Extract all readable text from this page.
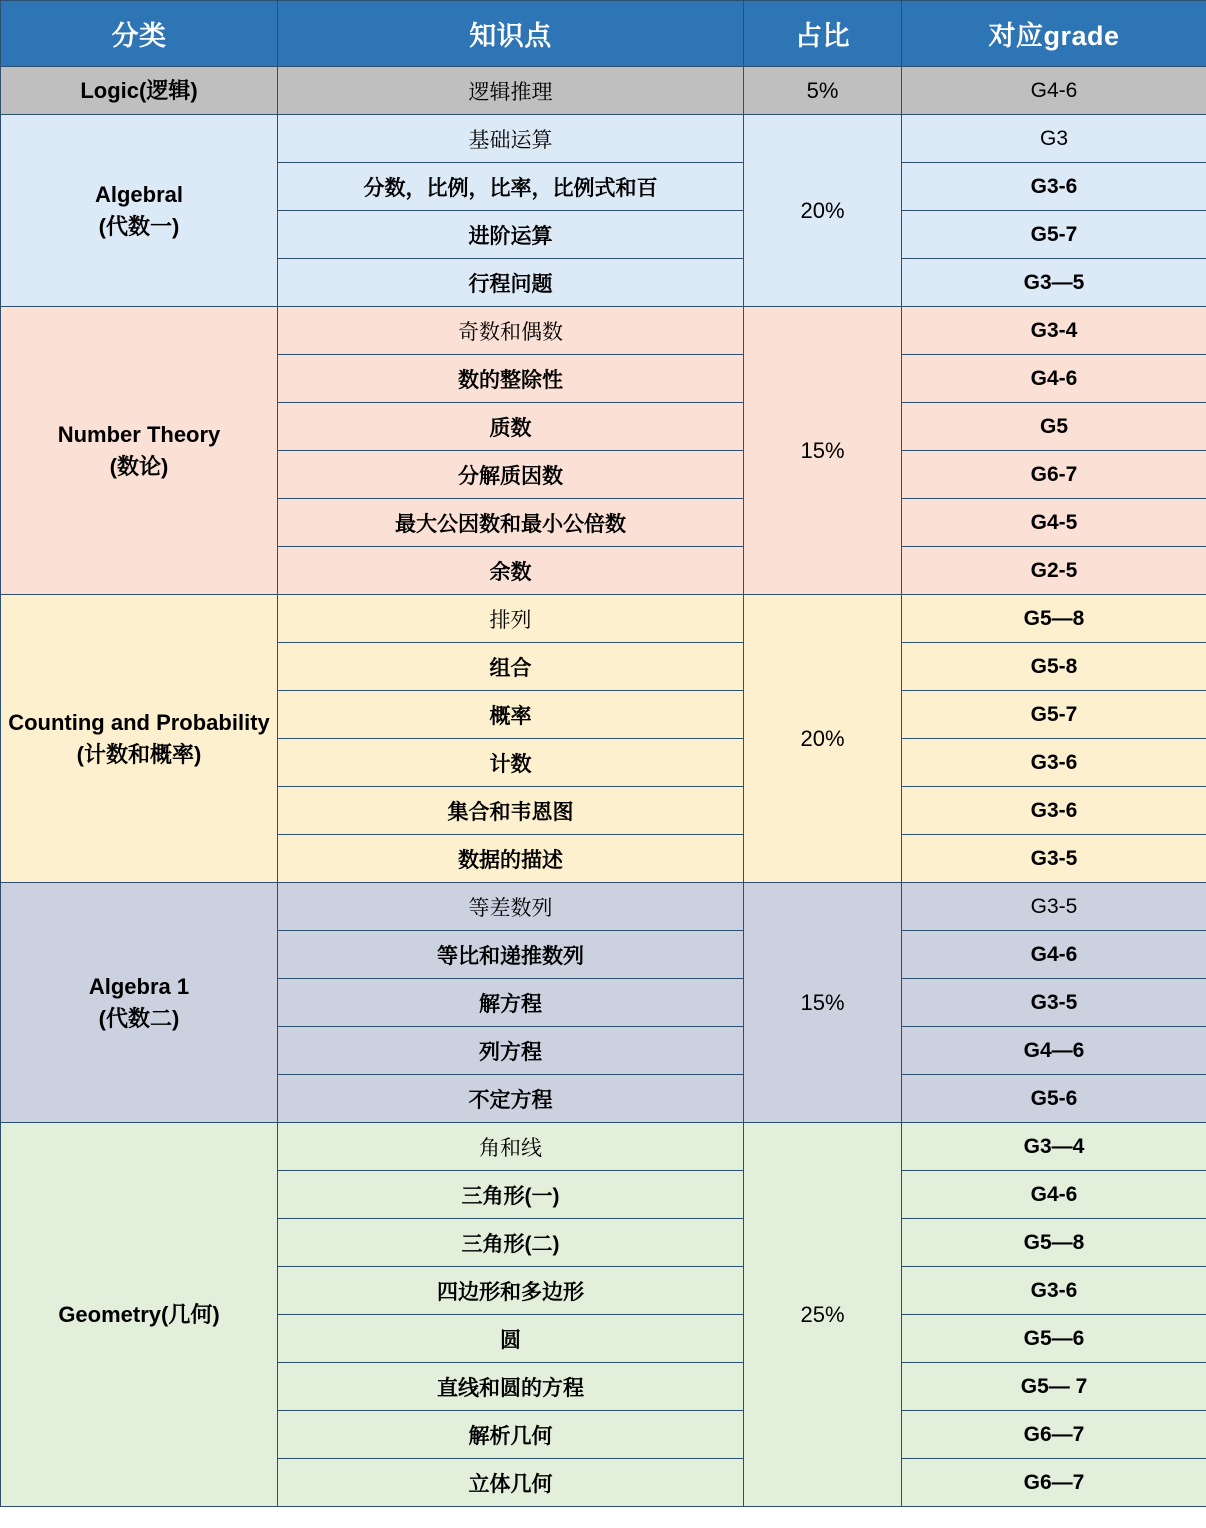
分类	知识点	占比	对应grade

Logic(逻辑)	逻辑推理	5%	G4-6

Algebral
(代数一)	基础运算	20%	G3
	分数，比例，比率，比例式和百		G3-6
	进阶运算		G5-7
	行程问题		G3—5

Number Theory
(数论)	奇数和偶数	15%	G3-4
	数的整除性		G4-6
	质数		G5
	分解质因数		G6-7
	最大公因数和最小公倍数		G4-5
	余数		G2-5

Counting and Probability
(计数和概率)	排列	20%	G5—8
	组合		G5-8
	概率		G5-7
	计数		G3-6
	集合和韦恩图		G3-6
	数据的描述		G3-5

Algebra 1
(代数二)	等差数列	15%	G3-5
	等比和递推数列		G4-6
	解方程		G3-5
	列方程		G4—6
	不定方程		G5-6

Geometry(几何)	角和线	25%	G3—4
	三角形(一)		G4-6
	三角形(二)		G5—8
	四边形和多边形		G3-6
	圆		G5—6
	直线和圆的方程		G5— 7
	解析几何		G6—7
	立体几何		G6—7
